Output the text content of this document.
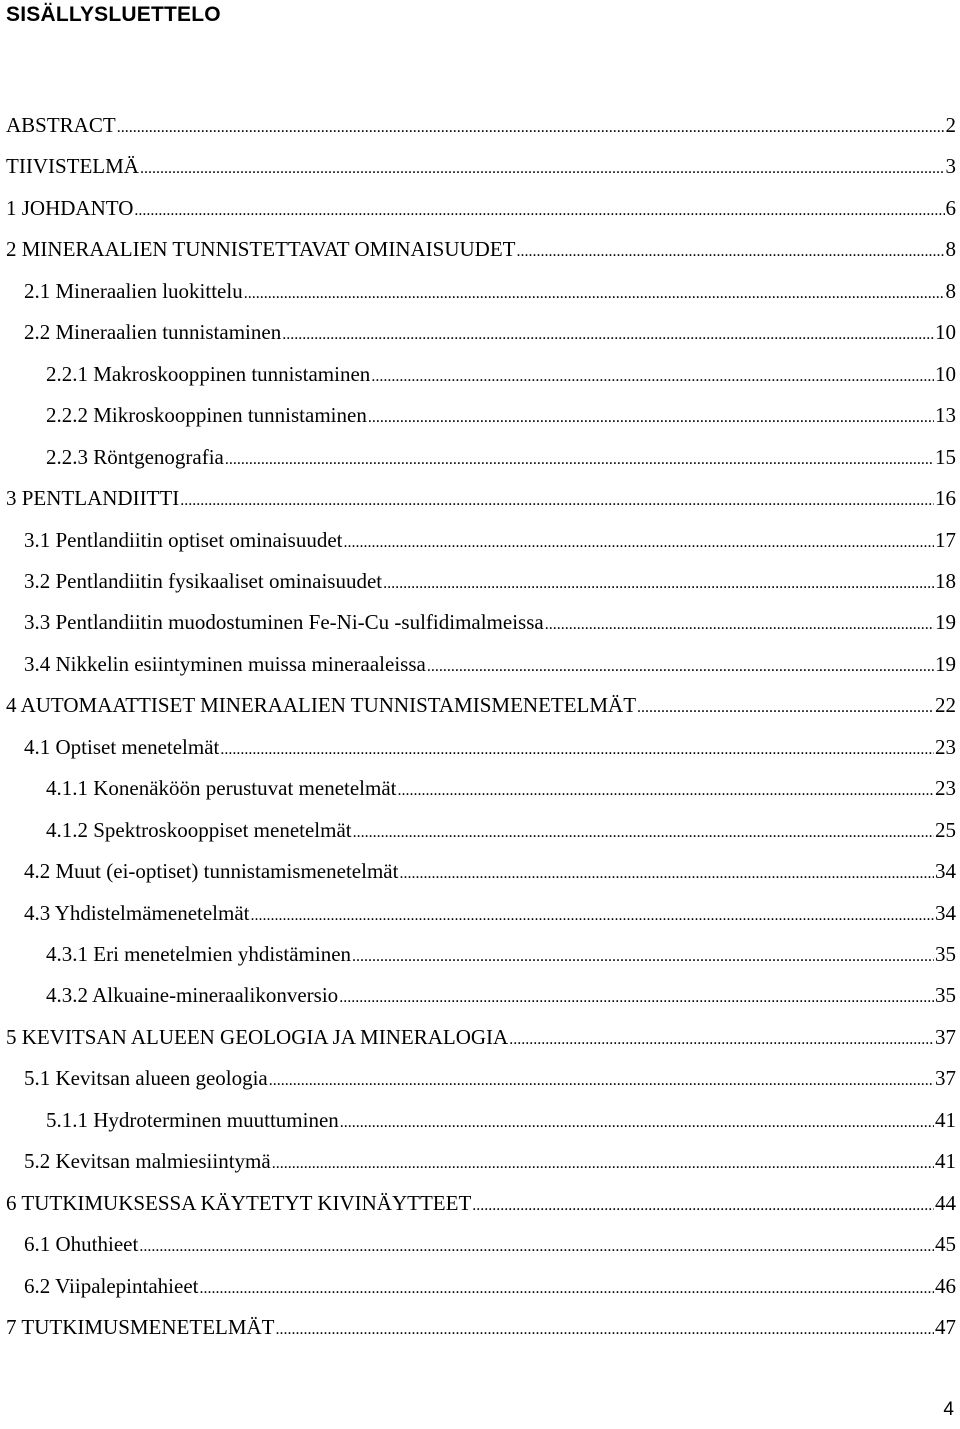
SISÄLLYSLUETTELO
ABSTRACT .....	2
TIIVISTELMÄ .....	3
1 JOHDANTO .....	6
2 MINERAALIEN TUNNISTETTAVAT OMINAISUUDET .....	8
2.1 Mineraalien luokittelu .....	8
2.2 Mineraalien tunnistaminen .....	10
2.2.1 Makroskooppinen tunnistaminen .....	10
2.2.2 Mikroskooppinen tunnistaminen .....	13
2.2.3 Röntgenografia .....	15
3 PENTLANDIITTI .....	16
3.1 Pentlandiitin optiset ominaisuudet .....	17
3.2 Pentlandiitin fysikaaliset ominaisuudet .....	18
3.3 Pentlandiitin muodostuminen Fe-Ni-Cu -sulfidimalmeissa .....	19
3.4 Nikkelin esiintyminen muissa mineraaleissa .....	19
4 AUTOMAATTISET MINERAALIEN TUNNISTAMISMENETELMÄT .....	22
4.1 Optiset menetelmät .....	23
4.1.1 Konenäköön perustuvat menetelmät .....	23
4.1.2 Spektroskooppiset menetelmät .....	25
4.2 Muut (ei-optiset) tunnistamismenetelmät .....	34
4.3 Yhdistelmämenetelmät .....	34
4.3.1 Eri menetelmien yhdistäminen .....	35
4.3.2 Alkuaine-mineraalikonversio .....	35
5 KEVITSAN ALUEEN GEOLOGIA JA MINERALOGIA .....	37
5.1 Kevitsan alueen geologia .....	37
5.1.1 Hydroterminen muuttuminen .....	41
5.2 Kevitsan malmiesiintymä .....	41
6 TUTKIMUKSESSA KÄYTETYT KIVINÄYTTEET .....	44
6.1 Ohuthieet .....	45
6.2 Viipalepintahieet .....	46
7 TUTKIMUSMENETELMÄT .....	47
4
